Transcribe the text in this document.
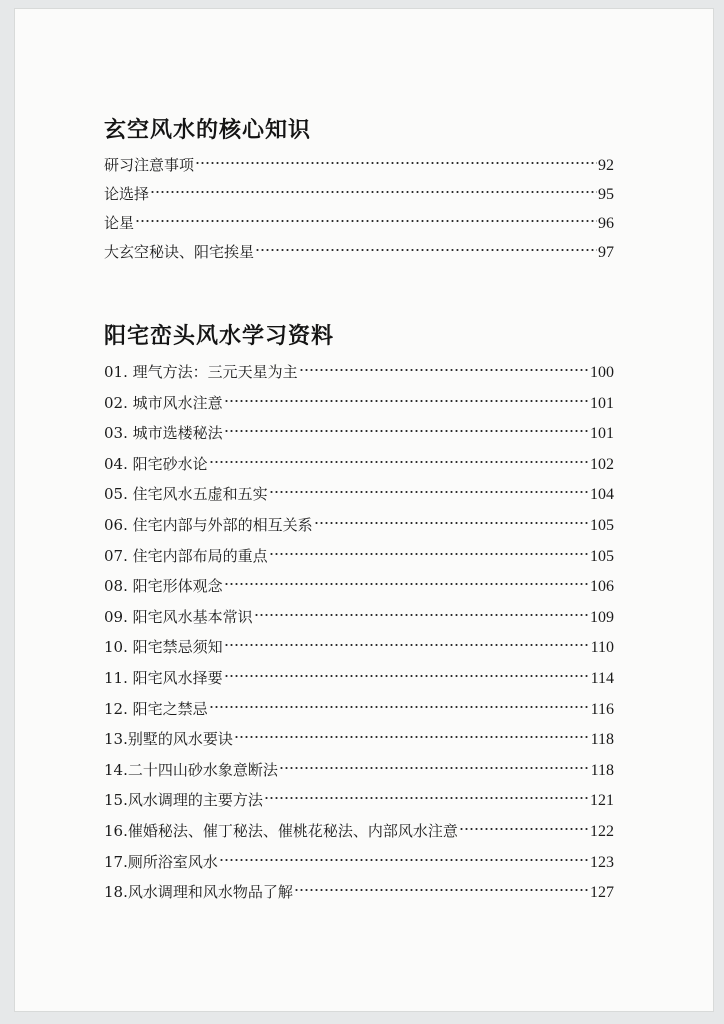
玄空风水的核心知识
研习注意事项	92
论选择	95
论星	96
大玄空秘诀、阳宅挨星	97
阳宅峦头风水学习资料
01. 理气方法：三元天星为主	100
02. 城市风水注意	101
03. 城市选楼秘法	101
04. 阳宅砂水论	102
05. 住宅风水五虚和五实	104
06. 住宅内部与外部的相互关系	105
07. 住宅内部布局的重点	105
08. 阳宅形体观念	106
09. 阳宅风水基本常识	109
10. 阳宅禁忌须知	110
11. 阳宅风水择要	114
12. 阳宅之禁忌	116
13.别墅的风水要诀	118
14.二十四山砂水象意断法	118
15.风水调理的主要方法	121
16.催婚秘法、催丁秘法、催桃花秘法、内部风水注意	122
17.厕所浴室风水	123
18.风水调理和风水物品了解	127
